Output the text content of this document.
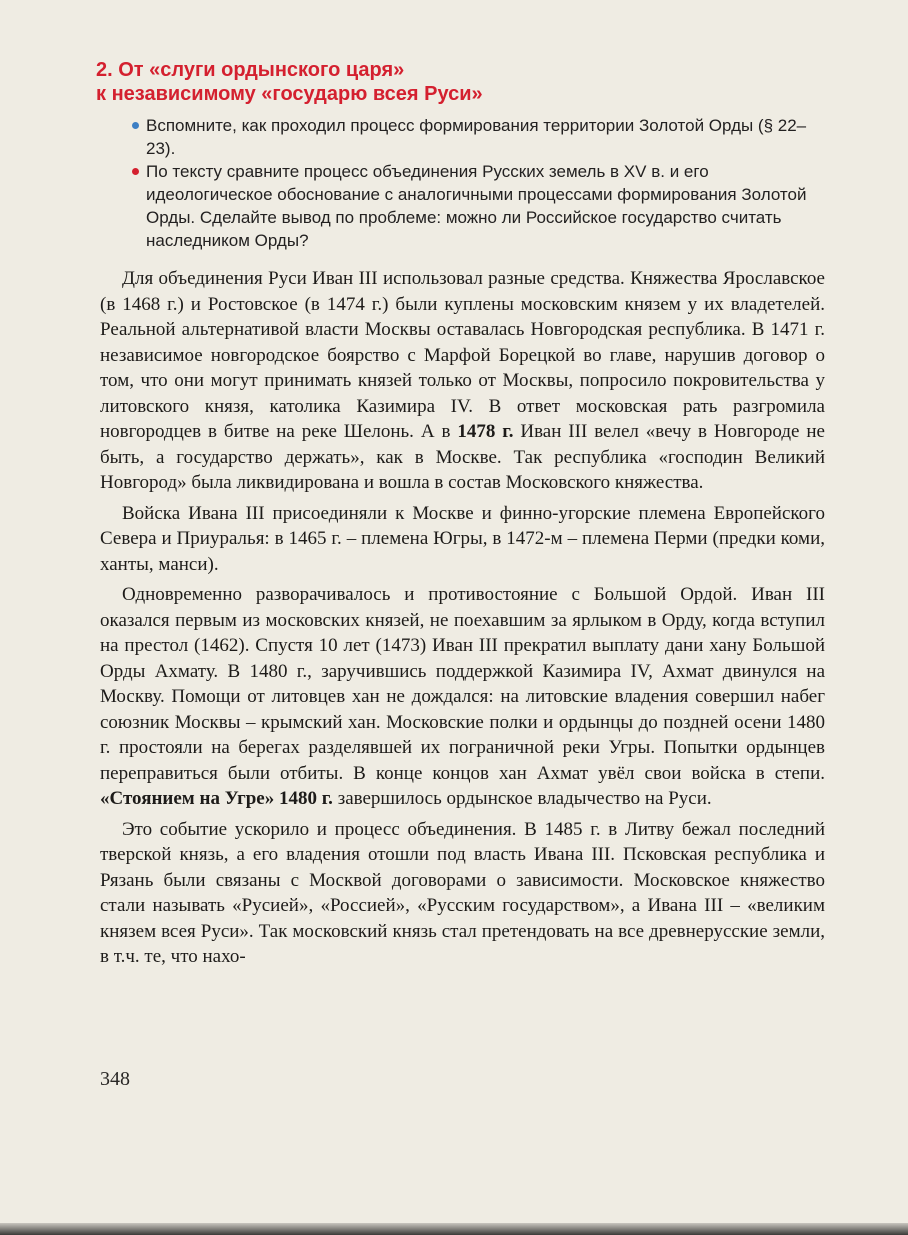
2. От «слуги ордынского царя»
к независимому «государю всея Руси»
Вспомните, как проходил процесс формирования территории Золотой Орды (§ 22–23).
По тексту сравните процесс объединения Русских земель в XV в. и его идеологическое обоснование с аналогичными процессами формирования Золотой Орды. Сделайте вывод по проблеме: можно ли Российское государство считать наследником Орды?

Для объединения Руси Иван III использовал разные средства. Княжества Ярославское (в 1468 г.) и Ростовское (в 1474 г.) были куплены московским князем у их владетелей. Реальной альтернативой власти Москвы оставалась Новгородская республика. В 1471 г. независимое новгородское боярство с Марфой Борецкой во главе, нарушив договор о том, что они могут принимать князей только от Москвы, попросило покровительства у литовского князя, католика Казимира IV. В ответ московская рать разгромила новгородцев в битве на реке Шелонь. А в 1478 г. Иван III велел «вечу в Новгороде не быть, а государство держать», как в Москве. Так республика «господин Великий Новгород» была ликвидирована и вошла в состав Московского княжества.

Войска Ивана III присоединяли к Москве и финно-угорские племена Европейского Севера и Приуралья: в 1465 г. – племена Югры, в 1472-м – племена Перми (предки коми, ханты, манси).

Одновременно разворачивалось и противостояние с Большой Ордой. Иван III оказался первым из московских князей, не поехавшим за ярлыком в Орду, когда вступил на престол (1462). Спустя 10 лет (1473) Иван III прекратил выплату дани хану Большой Орды Ахмату. В 1480 г., заручившись поддержкой Казимира IV, Ахмат двинулся на Москву. Помощи от литовцев хан не дождался: на литовские владения совершил набег союзник Москвы – крымский хан. Московские полки и ордынцы до поздней осени 1480 г. простояли на берегах разделявшей их пограничной реки Угры. Попытки ордынцев переправиться были отбиты. В конце концов хан Ахмат увёл свои войска в степи. «Стоянием на Угре» 1480 г. завершилось ордынское владычество на Руси.

Это событие ускорило и процесс объединения. В 1485 г. в Литву бежал последний тверской князь, а его владения отошли под власть Ивана III. Псковская республика и Рязань были связаны с Москвой договорами о зависимости. Московское княжество стали называть «Русией», «Россией», «Русским государством», а Ивана III – «великим князем всея Руси». Так московский князь стал претендовать на все древнерусские земли, в т.ч. те, что нахо-

348
